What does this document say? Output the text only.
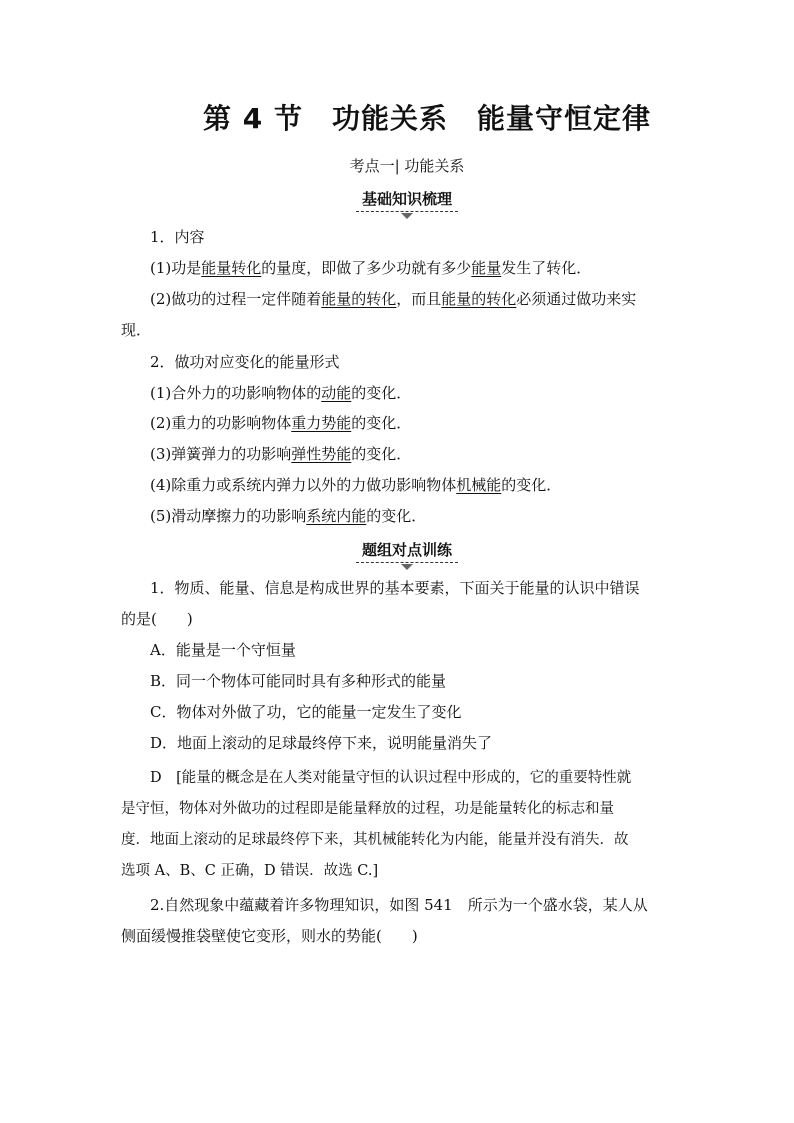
第 4 节　功能关系　能量守恒定律
考点一| 功能关系
基础知识梳理
1．内容
(1)功是能量转化的量度，即做了多少功就有多少能量发生了转化．
(2)做功的过程一定伴随着能量的转化，而且能量的转化必须通过做功来实
现．
2．做功对应变化的能量形式
(1)合外力的功影响物体的动能的变化．
(2)重力的功影响物体重力势能的变化．
(3)弹簧弹力的功影响弹性势能的变化．
(4)除重力或系统内弹力以外的力做功影响物体机械能的变化．
(5)滑动摩擦力的功影响系统内能的变化．
题组对点训练
1．物质、能量、信息是构成世界的基本要素，下面关于能量的认识中错误
的是(　　)
A．能量是一个守恒量
B．同一个物体可能同时具有多种形式的能量
C．物体对外做了功，它的能量一定发生了变化
D．地面上滚动的足球最终停下来，说明能量消失了
D　[能量的概念是在人类对能量守恒的认识过程中形成的，它的重要特性就
是守恒，物体对外做功的过程即是能量释放的过程，功是能量转化的标志和量
度．地面上滚动的足球最终停下来，其机械能转化为内能，能量并没有消失．故
选项 A、B、C 正确，D 错误．故选 C.]
2.自然现象中蕴藏着许多物理知识，如图 541　所示为一个盛水袋，某人从
侧面缓慢推袋壁使它变形，则水的势能(　　)
